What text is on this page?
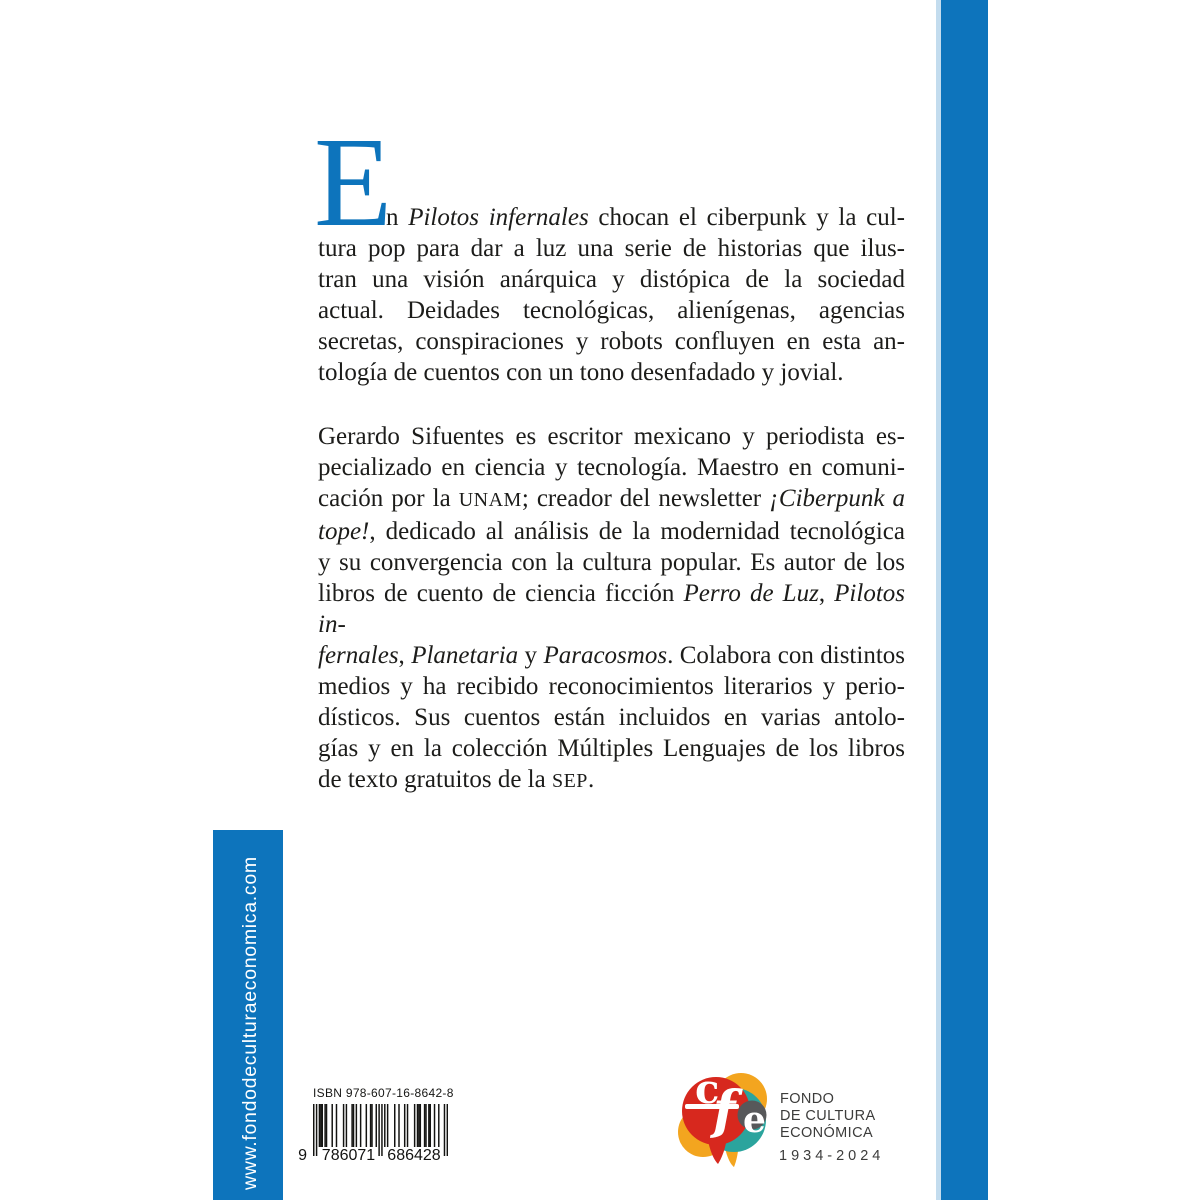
www.fondodeculturaeconomica.com
E
n Pilotos infernales chocan el ciberpunk y la cul-
tura pop para dar a luz una serie de historias que ilus-
tran una visión anárquica y distópica de la sociedad
actual. Deidades tecnológicas, alienígenas, agencias
secretas, conspiraciones y robots confluyen en esta an-
tología de cuentos con un tono desenfadado y jovial.
Gerardo Sifuentes es escritor mexicano y periodista es-
pecializado en ciencia y tecnología. Maestro en comuni-
cación por la UNAM; creador del newsletter ¡Ciberpunk a
tope!, dedicado al análisis de la modernidad tecnológica
y su convergencia con la cultura popular. Es autor de los
libros de cuento de ciencia ficción Perro de Luz, Pilotos in-
fernales, Planetaria y Paracosmos. Colabora con distintos
medios y ha recibido reconocimientos literarios y perio-
dísticos. Sus cuentos están incluidos en varias antolo-
gías y en la colección Múltiples Lenguajes de los libros
de texto gratuitos de la SEP.
ISBN 978-607-16-8642-8
9 786071 686428
c
f e FONDO
DE CULTURA
ECONÓMICA
1934-2024
